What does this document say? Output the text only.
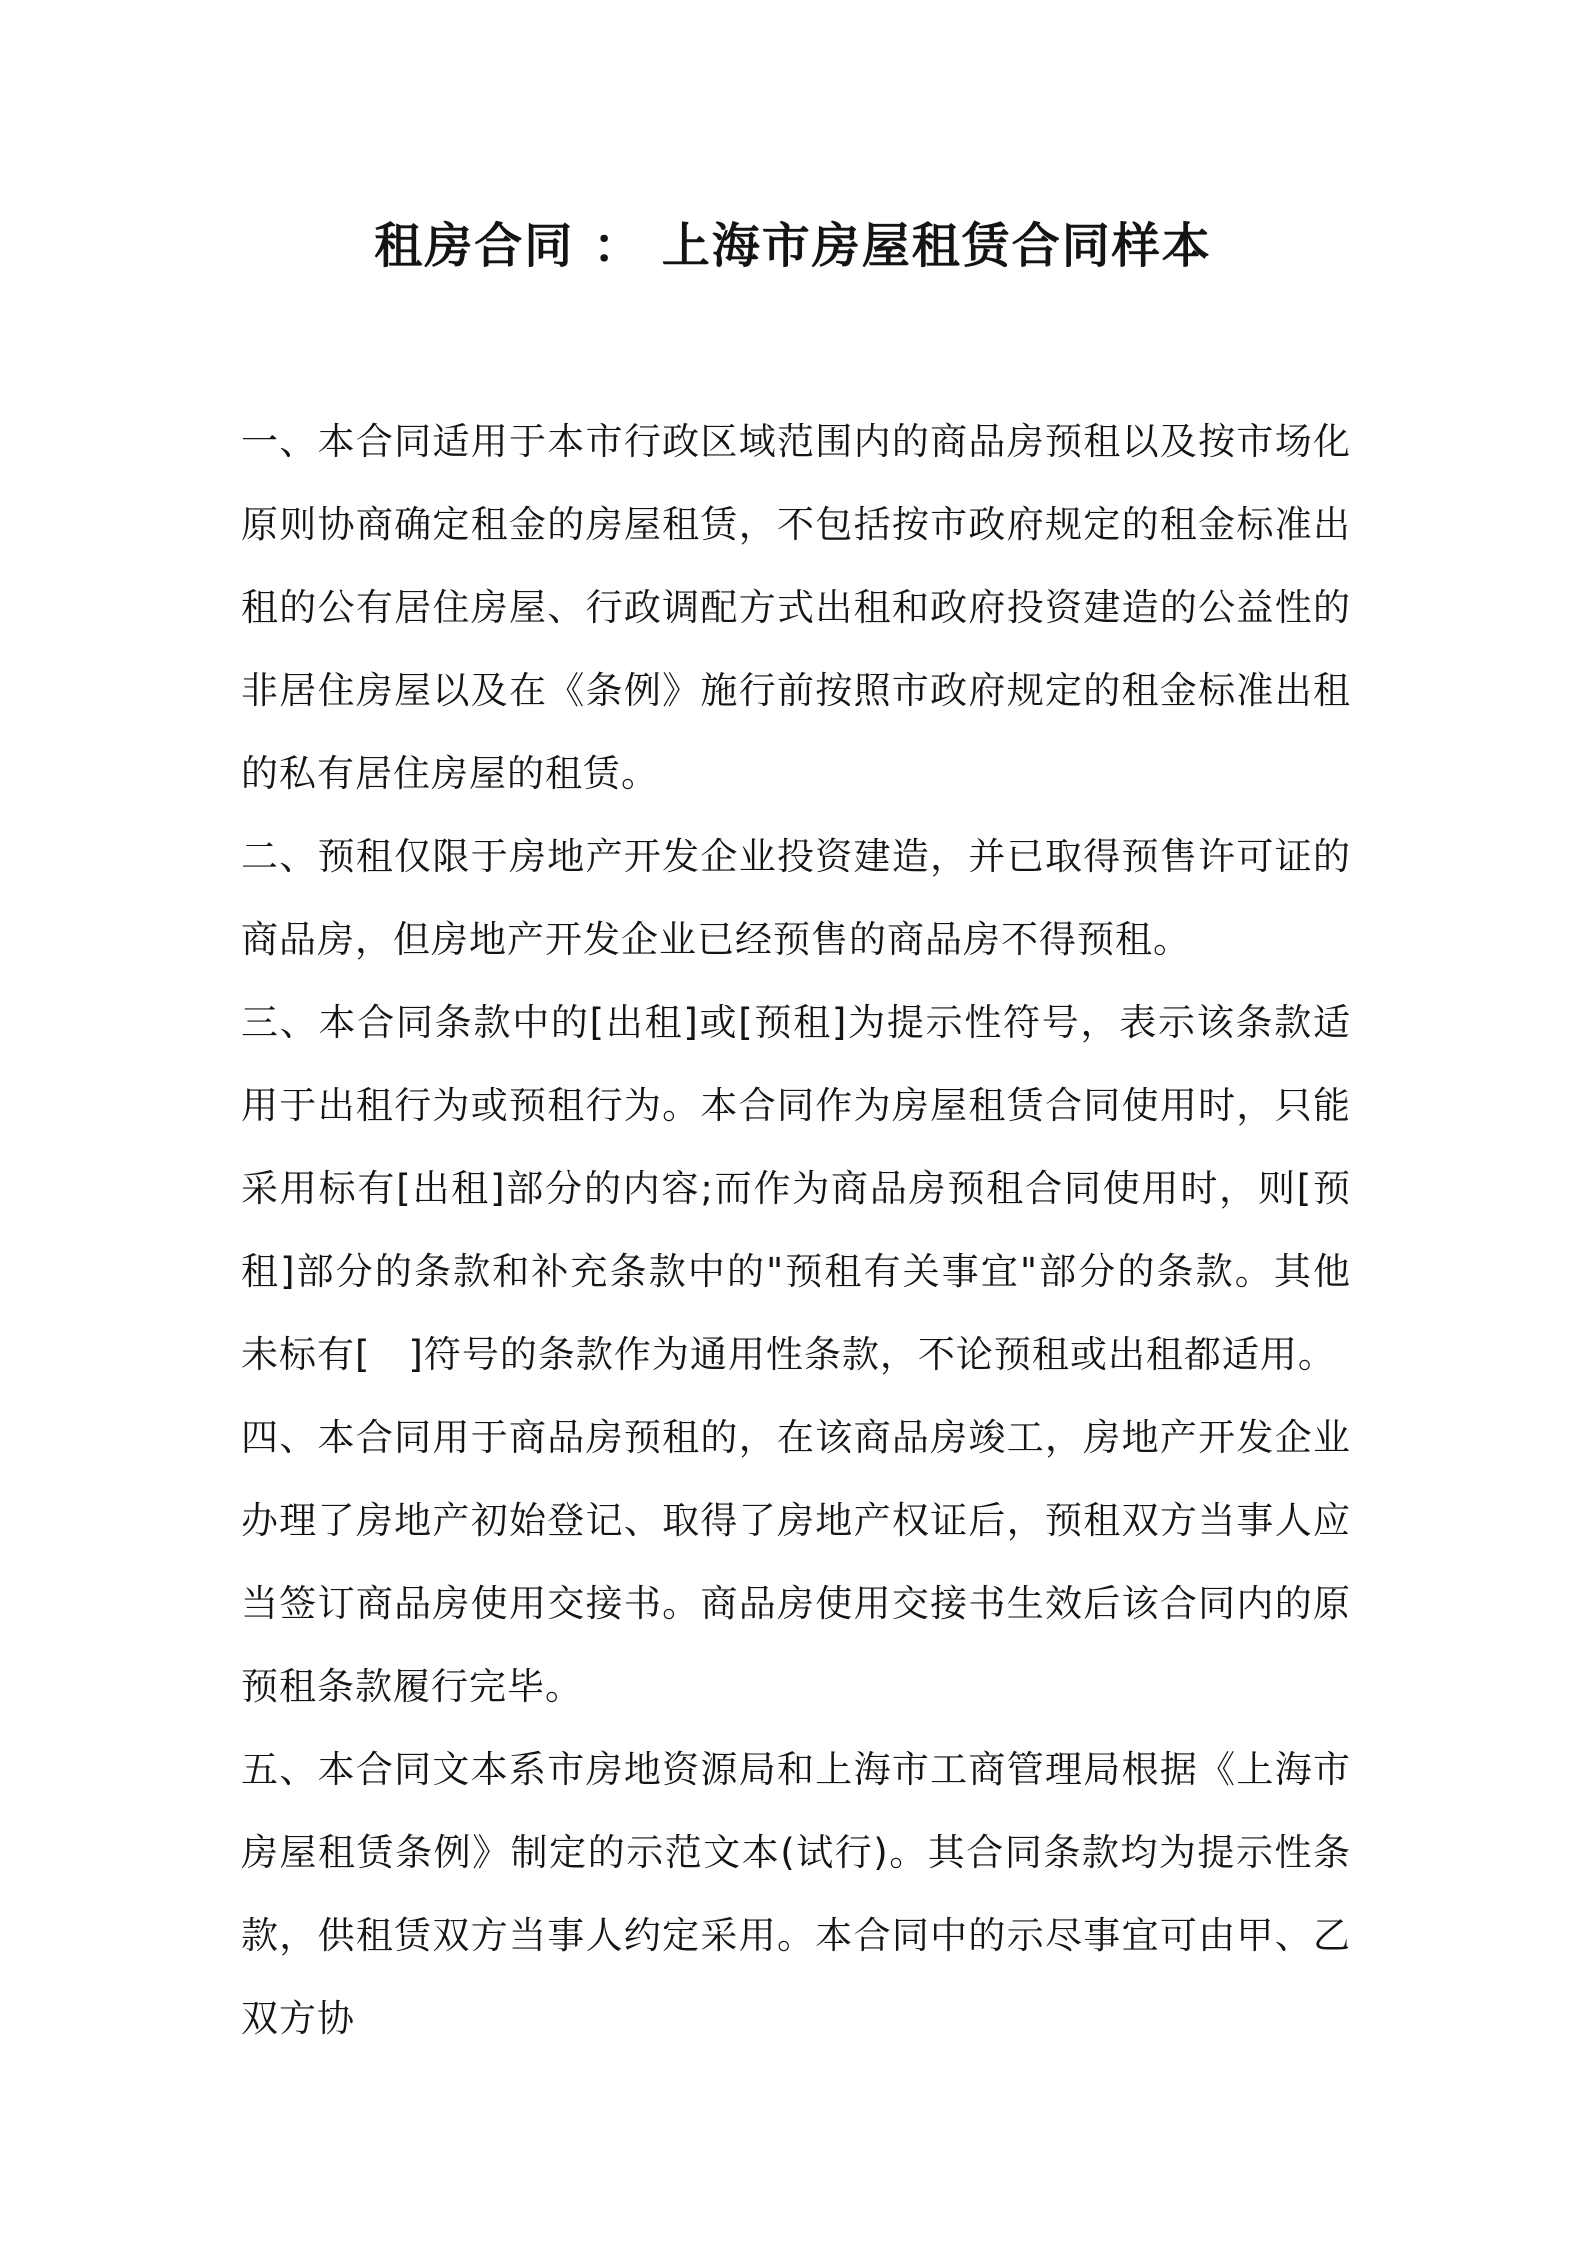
租房合同 ： 上海市房屋租赁合同样本

一、本合同适用于本市行政区域范围内的商品房预租以及按市场化原则协商确定租金的房屋租赁，不包括按市政府规定的租金标准出租的公有居住房屋、行政调配方式出租和政府投资建造的公益性的非居住房屋以及在《条例》施行前按照市政府规定的租金标准出租的私有居住房屋的租赁。

二、预租仅限于房地产开发企业投资建造，并已取得预售许可证的商品房，但房地产开发企业已经预售的商品房不得预租。

三、本合同条款中的[出租]或[预租]为提示性符号，表示该条款适用于出租行为或预租行为。本合同作为房屋租赁合同使用时，只能采用标有[出租]部分的内容;而作为商品房预租合同使用时，则[预租]部分的条款和补充条款中的"预租有关事宜"部分的条款。其他未标有[　]符号的条款作为通用性条款，不论预租或出租都适用。

四、本合同用于商品房预租的，在该商品房竣工，房地产开发企业办理了房地产初始登记、取得了房地产权证后，预租双方当事人应当签订商品房使用交接书。商品房使用交接书生效后该合同内的原预租条款履行完毕。

五、本合同文本系市房地资源局和上海市工商管理局根据《上海市房屋租赁条例》制定的示范文本(试行)。其合同条款均为提示性条款，供租赁双方当事人约定采用。本合同中的示尽事宜可由甲、乙双方协
